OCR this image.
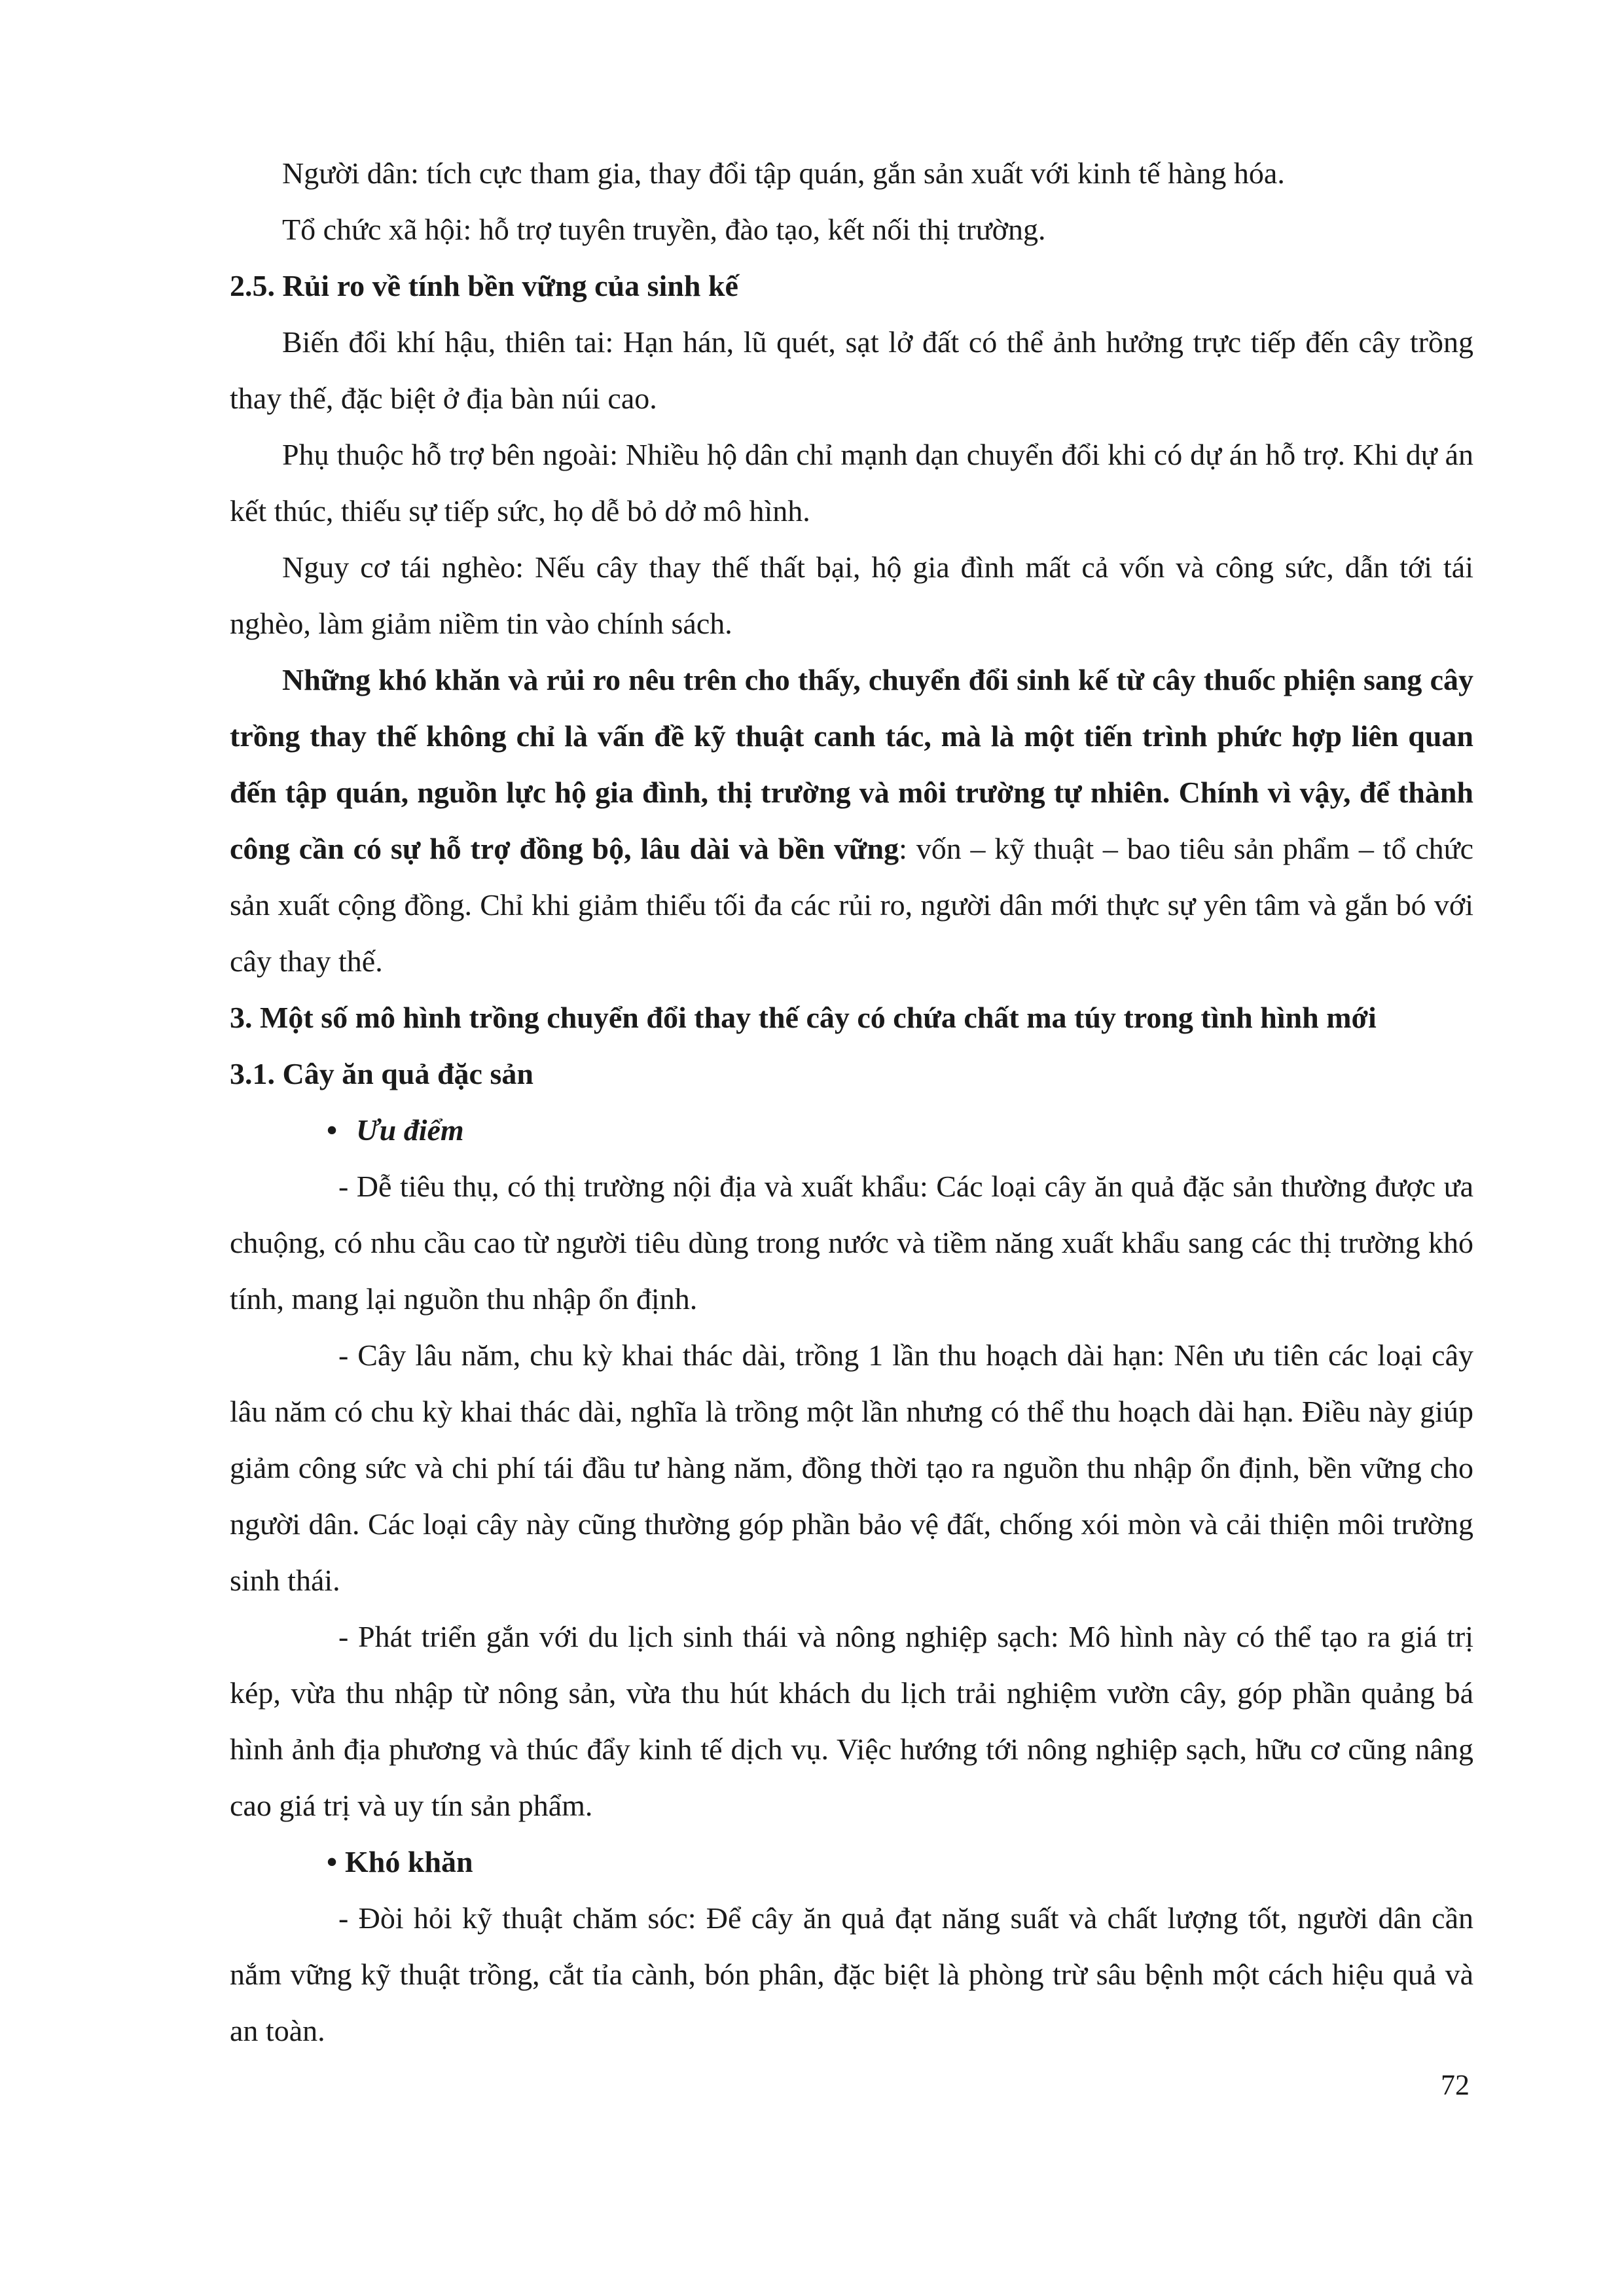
Người dân: tích cực tham gia, thay đổi tập quán, gắn sản xuất với kinh tế hàng hóa.

Tổ chức xã hội: hỗ trợ tuyên truyền, đào tạo, kết nối thị trường.

2.5. Rủi ro về tính bền vững của sinh kế

Biến đổi khí hậu, thiên tai: Hạn hán, lũ quét, sạt lở đất có thể ảnh hưởng trực tiếp đến cây trồng thay thế, đặc biệt ở địa bàn núi cao.

Phụ thuộc hỗ trợ bên ngoài: Nhiều hộ dân chỉ mạnh dạn chuyển đổi khi có dự án hỗ trợ. Khi dự án kết thúc, thiếu sự tiếp sức, họ dễ bỏ dở mô hình.

Nguy cơ tái nghèo: Nếu cây thay thế thất bại, hộ gia đình mất cả vốn và công sức, dẫn tới tái nghèo, làm giảm niềm tin vào chính sách.

Những khó khăn và rủi ro nêu trên cho thấy, chuyển đổi sinh kế từ cây thuốc phiện sang cây trồng thay thế không chỉ là vấn đề kỹ thuật canh tác, mà là một tiến trình phức hợp liên quan đến tập quán, nguồn lực hộ gia đình, thị trường và môi trường tự nhiên. Chính vì vậy, để thành công cần có sự hỗ trợ đồng bộ, lâu dài và bền vững: vốn – kỹ thuật – bao tiêu sản phẩm – tổ chức sản xuất cộng đồng. Chỉ khi giảm thiểu tối đa các rủi ro, người dân mới thực sự yên tâm và gắn bó với cây thay thế.

3. Một số mô hình trồng chuyển đổi thay thế cây có chứa chất ma túy trong tình hình mới
3.1. Cây ăn quả đặc sản
• Ưu điểm

- Dễ tiêu thụ, có thị trường nội địa và xuất khẩu: Các loại cây ăn quả đặc sản thường được ưa chuộng, có nhu cầu cao từ người tiêu dùng trong nước và tiềm năng xuất khẩu sang các thị trường khó tính, mang lại nguồn thu nhập ổn định.

- Cây lâu năm, chu kỳ khai thác dài, trồng 1 lần thu hoạch dài hạn: Nên ưu tiên các loại cây lâu năm có chu kỳ khai thác dài, nghĩa là trồng một lần nhưng có thể thu hoạch dài hạn. Điều này giúp giảm công sức và chi phí tái đầu tư hàng năm, đồng thời tạo ra nguồn thu nhập ổn định, bền vững cho người dân. Các loại cây này cũng thường góp phần bảo vệ đất, chống xói mòn và cải thiện môi trường sinh thái.

- Phát triển gắn với du lịch sinh thái và nông nghiệp sạch: Mô hình này có thể tạo ra giá trị kép, vừa thu nhập từ nông sản, vừa thu hút khách du lịch trải nghiệm vườn cây, góp phần quảng bá hình ảnh địa phương và thúc đẩy kinh tế dịch vụ. Việc hướng tới nông nghiệp sạch, hữu cơ cũng nâng cao giá trị và uy tín sản phẩm.

• Khó khăn

- Đòi hỏi kỹ thuật chăm sóc: Để cây ăn quả đạt năng suất và chất lượng tốt, người dân cần nắm vững kỹ thuật trồng, cắt tỉa cành, bón phân, đặc biệt là phòng trừ sâu bệnh một cách hiệu quả và an toàn.

72
